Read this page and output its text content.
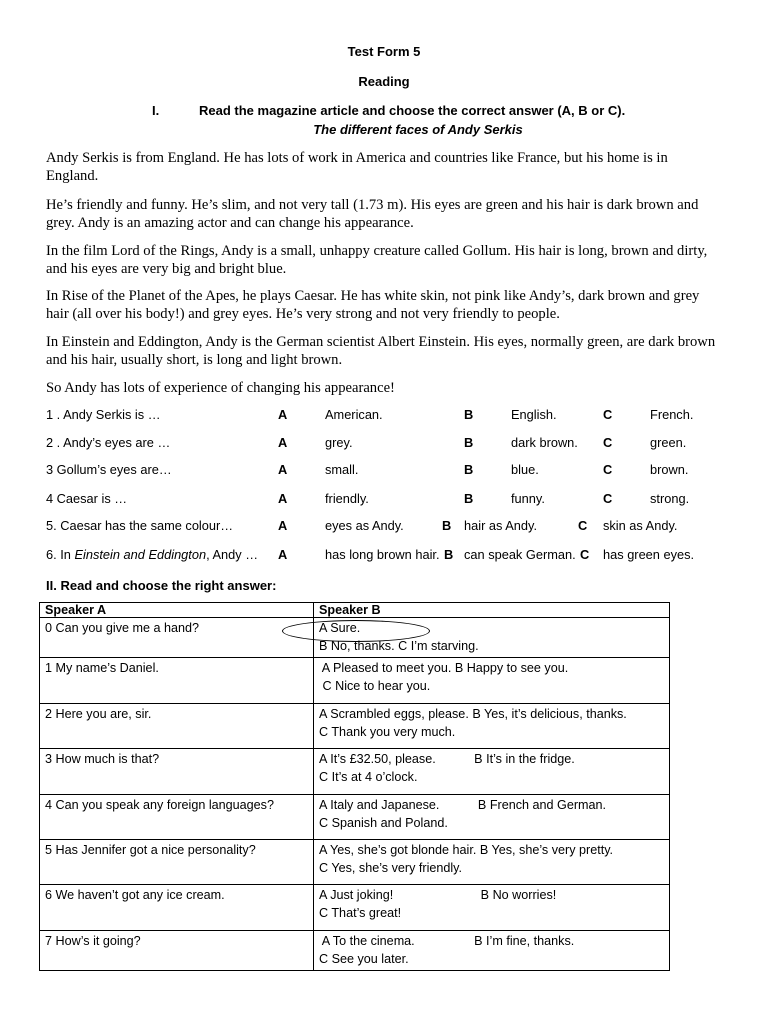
Test Form 5
Reading
I.	Read the magazine article and choose the correct answer (A, B or C).
The different faces of Andy Serkis
Andy Serkis is from England. He has lots of work in America and countries like France, but his home is in England.
He’s friendly and funny. He’s slim, and not very tall (1.73 m). His eyes are green and his hair is dark brown and grey. Andy is an amazing actor and can change his appearance.
In the film Lord of the Rings, Andy is a small, unhappy creature called Gollum. His hair is long, brown and dirty, and his eyes are very big and bright blue.
In Rise of the Planet of the Apes, he plays Caesar. He has white skin, not pink like Andy’s, dark brown and grey hair (all over his body!) and grey eyes. He’s very strong and not very friendly to people.
In Einstein and Eddington, Andy is the German scientist Albert Einstein. His eyes, normally green, are dark brown and his hair, usually short, is long and light brown.
So Andy has lots of experience of changing his appearance!
1 . Andy Serkis is …	A	American.	B	English.	C	French.
2 . Andy’s eyes are …	A	grey.	B	dark brown. C	green.
3 Gollum’s eyes are…	A	small.	B	blue.	C	brown.
4 Caesar is …	A	friendly.	B	funny.	C	strong.
5. Caesar has the same colour…	A	eyes as Andy.	B hair as Andy.	C skin as Andy.
6. In Einstein and Eddington, Andy … A	has long brown hair. B can speak German. C has green eyes.
II. Read and choose the right answer:
Speaker A	Speaker B
0 Can you give me a hand?	A Sure.
B No, thanks. C I’m starving.

1 My name’s Daniel.	A Pleased to meet you. B Happy to see you.
C Nice to hear you.

2 Here you are, sir.	A Scrambled eggs, please. B Yes, it’s delicious, thanks.
C Thank you very much.

3 How much is that?	A It’s £32.50, please.           B It’s in the fridge.
C It’s at 4 o’clock.

4 Can you speak any foreign languages?	A Italy and Japanese.           B French and German.
C Spanish and Poland.

5 Has Jennifer got a nice personality?	A Yes, she’s got blonde hair. B Yes, she’s very pretty.
C Yes, she’s very friendly.

6 We haven’t got any ice cream.	A Just joking!                         B No worries!
C That’s great!

7 How’s it going?	A To the cinema.                 B I’m fine, thanks.
C See you later.
